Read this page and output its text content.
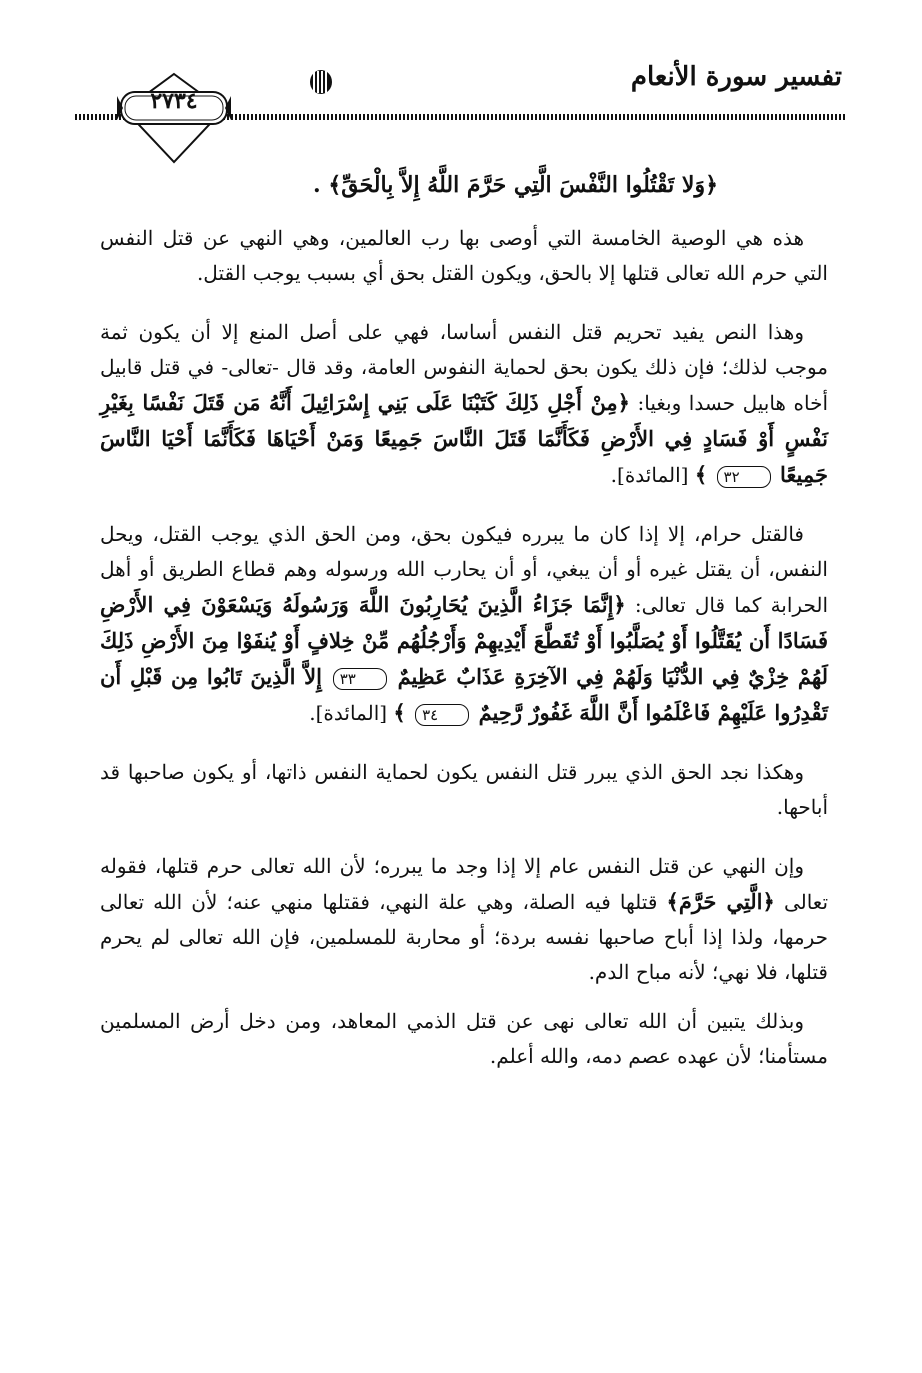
تفسير سورة الأنعام
٢٧٣٤
﴿وَلا تَقْتُلُوا النَّفْسَ الَّتِي حَرَّمَ اللَّهُ إِلاَّ بِالْحَقِّ﴾ .

هذه هي الوصية الخامسة التي أوصى بها رب العالمين، وهي النهي عن قتل النفس التي حرم الله تعالى قتلها إلا بالحق، ويكون القتل بحق أي بسبب يوجب القتل.

وهذا النص يفيد تحريم قتل النفس أساسا، فهي على أصل المنع إلا أن يكون ثمة موجب لذلك؛ فإن ذلك يكون بحق لحماية النفوس العامة، وقد قال -تعالى- في قتل قابيل أخاه هابيل حسدا وبغيا: ﴿مِنْ أَجْلِ ذَلِكَ كَتَبْنَا عَلَى بَنِي إِسْرَائِيلَ أَنَّهُ مَن قَتَلَ نَفْسًا بِغَيْرِ نَفْسٍ أَوْ فَسَادٍ فِي الأَرْضِ فَكَأَنَّمَا قَتَلَ النَّاسَ جَمِيعًا وَمَنْ أَحْيَاهَا فَكَأَنَّمَا أَحْيَا النَّاسَ جَمِيعًا ٣٢ ﴾ [المائدة].

فالقتل حرام، إلا إذا كان ما يبرره فيكون بحق، ومن الحق الذي يوجب القتل، ويحل النفس، أن يقتل غيره أو أن يبغي، أو أن يحارب الله ورسوله وهم قطاع الطريق أو أهل الحرابة كما قال تعالى: ﴿إِنَّمَا جَزَاءُ الَّذِينَ يُحَارِبُونَ اللَّهَ وَرَسُولَهُ وَيَسْعَوْنَ فِي الأَرْضِ فَسَادًا أَن يُقَتَّلُوا أَوْ يُصَلَّبُوا أَوْ تُقَطَّعَ أَيْدِيهِمْ وَأَرْجُلُهُم مِّنْ خِلافٍ أَوْ يُنفَوْا مِنَ الأَرْضِ ذَلِكَ لَهُمْ خِزْيٌ فِي الدُّنْيَا وَلَهُمْ فِي الآخِرَةِ عَذَابٌ عَظِيمٌ ٣٣ إِلاَّ الَّذِينَ تَابُوا مِن قَبْلِ أَن تَقْدِرُوا عَلَيْهِمْ فَاعْلَمُوا أَنَّ اللَّهَ غَفُورٌ رَّحِيمٌ ٣٤ ﴾ [المائدة].

وهكذا نجد الحق الذي يبرر قتل النفس يكون لحماية النفس ذاتها، أو يكون صاحبها قد أباحها.

وإن النهي عن قتل النفس عام إلا إذا وجد ما يبرره؛ لأن الله تعالى حرم قتلها، فقوله تعالى ﴿الَّتِي حَرَّمَ﴾ قتلها فيه الصلة، وهي علة النهي، فقتلها منهي عنه؛ لأن الله تعالى حرمها، ولذا إذا أباح صاحبها نفسه بردة؛ أو محاربة للمسلمين، فإن الله تعالى لم يحرم قتلها، فلا نهي؛ لأنه مباح الدم.

وبذلك يتبين أن الله تعالى نهى عن قتل الذمي المعاهد، ومن دخل أرض المسلمين مستأمنا؛ لأن عهده عصم دمه، والله أعلم.
